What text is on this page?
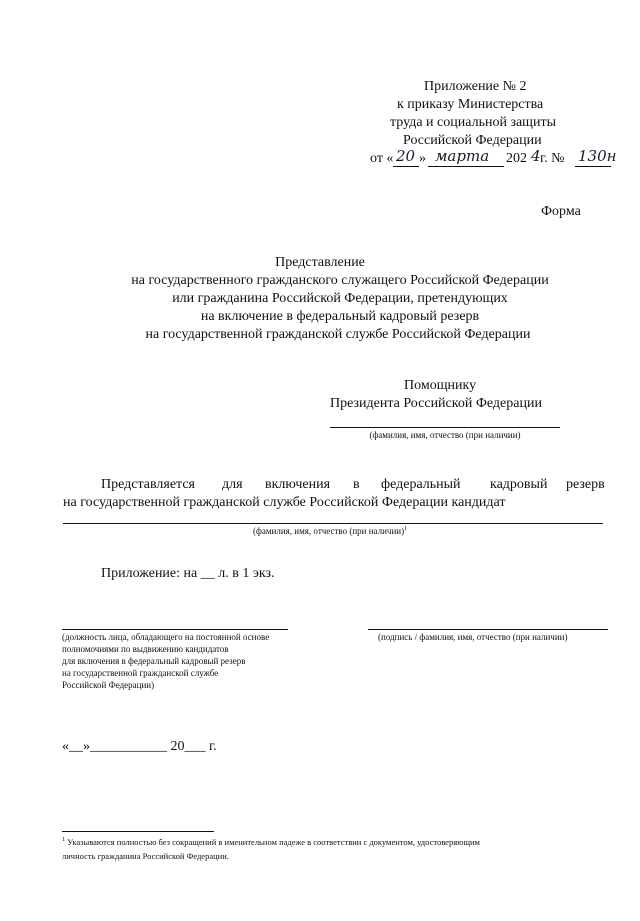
Приложение № 2
к приказу Министерства
труда и социальной защиты
Российской Федерации
от « 20 » марта 202 4 г. № 130н
Форма
Представление
на государственного гражданского служащего Российской Федерации
или гражданина Российской Федерации, претендующих
на включение в федеральный кадровый резерв
на государственной гражданской службе Российской Федерации
Помощнику
Президента Российской Федерации
(фамилия, имя, отчество (при наличии)
Представляется для включения в федеральный кадровый резерв
на государственной гражданской службе Российской Федерации кандидат
(фамилия, имя, отчество (при наличии)$^1$
Приложение: на __ л. в 1 экз.
(должность лица, обладающего на постоянной основе
полномочиями по выдвижению кандидатов
для включения в федеральный кадровый резерв
на государственной гражданской службе
Российской Федерации)
(подпись / фамилия, имя, отчество (при наличии)
«__»___________ 20___ г.
$^1$ Указываются полностью без сокращений в именительном падеже в соответствии с документом, удостоверяющим
личность гражданина Российской Федерации.
